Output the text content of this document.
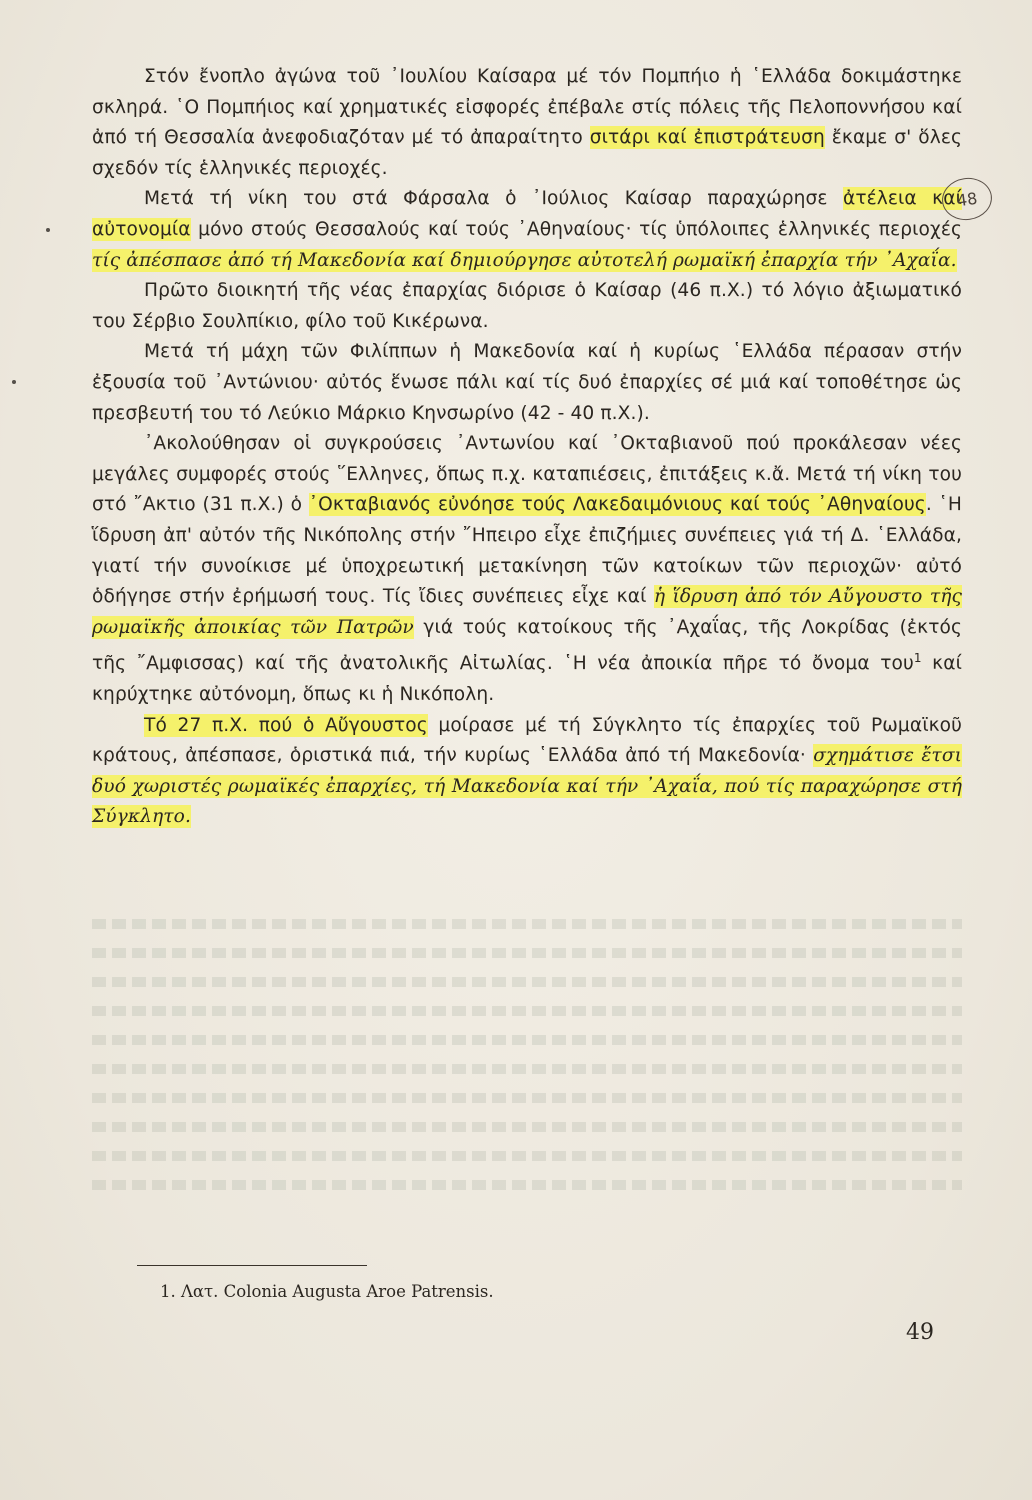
Στόν ἔνοπλο ἀγώνα τοῦ ᾿Ιουλίου Καίσαρα μέ τόν Πομπήιο ἡ ῾Ελλάδα δοκιμάστηκε σκληρά. ῾Ο Πομπήιος καί χρηματικές εἰσφορές ἐπέβαλε στίς πόλεις τῆς Πελοποννήσου καί ἀπό τή Θεσσαλία ἀνεφοδιαζόταν μέ τό ἀπαραίτητο σιτάρι καί ἐπιστράτευση ἔκαμε σ' ὅλες σχεδόν τίς ἑλληνικές περιοχές.

Μετά τή νίκη του στά Φάρσαλα ὁ ᾿Ιούλιος Καίσαρ παραχώρησε ἀτέλεια καί αὐτονομία μόνο στούς Θεσσαλούς καί τούς ᾿Αθηναίους· τίς ὑπόλοιπες ἑλληνικές περιοχές τίς ἀπέσπασε ἀπό τή Μακεδονία καί δημιούργησε αὐτοτελή ρωμαϊκή ἐπαρχία τήν ᾿Αχαΐα.

Πρῶτο διοικητή τῆς νέας ἐπαρχίας διόρισε ὁ Καίσαρ (46 π.Χ.) τό λόγιο ἀξιωματικό του Σέρβιο Σουλπίκιο, φίλο τοῦ Κικέρωνα.

Μετά τή μάχη τῶν Φιλίππων ἡ Μακεδονία καί ἡ κυρίως ῾Ελλάδα πέρασαν στήν ἐξουσία τοῦ ᾿Αντώνιου· αὐτός ἕνωσε πάλι καί τίς δυό ἐπαρχίες σέ μιά καί τοποθέτησε ὡς πρεσβευτή του τό Λεύκιο Μάρκιο Κηνσωρίνο (42 - 40 π.Χ.).

᾿Ακολούθησαν οἱ συγκρούσεις ᾿Αντωνίου καί ᾿Οκταβιανοῦ πού προκάλεσαν νέες μεγάλες συμφορές στούς ῞Ελληνες, ὅπως π.χ. καταπιέσεις, ἐπιτάξεις κ.ἄ. Μετά τή νίκη του στό ῎Ακτιο (31 π.Χ.) ὁ ᾿Οκταβιανός εὐνόησε τούς Λακεδαιμόνιους καί τούς ᾿Αθηναίους. ῾Η ἵδρυση ἀπ' αὐτόν τῆς Νικόπολης στήν ῎Ηπειρο εἶχε ἐπιζήμιες συνέπειες γιά τή Δ. ῾Ελλάδα, γιατί τήν συνοίκισε μέ ὑποχρεωτική μετακίνηση τῶν κατοίκων τῶν περιοχῶν· αὐτό ὁδήγησε στήν ἐρήμωσή τους. Τίς ἴδιες συνέπειες εἶχε καί ἡ ἵδρυση ἀπό τόν Αὔγουστο τῆς ρωμαϊκῆς ἀποικίας τῶν Πατρῶν γιά τούς κατοίκους τῆς ᾿Αχαΐας, τῆς Λοκρίδας (ἐκτός τῆς ῎Αμφισσας) καί τῆς ἀνατολικῆς Αἰτωλίας. ῾Η νέα ἀποικία πῆρε τό ὄνομα του$^1$ καί κηρύχτηκε αὐτόνομη, ὅπως κι ἡ Νικόπολη.

Τό 27 π.Χ. πού ὁ Αὔγουστος μοίρασε μέ τή Σύγκλητο τίς ἐπαρχίες τοῦ Ρωμαϊκοῦ κράτους, ἀπέσπασε, ὁριστικά πιά, τήν κυρίως ῾Ελλάδα ἀπό τή Μακεδονία· σχημάτισε ἔτσι δυό χωριστές ρωμαϊκές ἐπαρχίες, τή Μακεδονία καί τήν ᾿Αχαΐα, πού τίς παραχώρησε στή Σύγκλητο.

48
1. Λατ. Colonia Augusta Aroe Patrensis.
49
